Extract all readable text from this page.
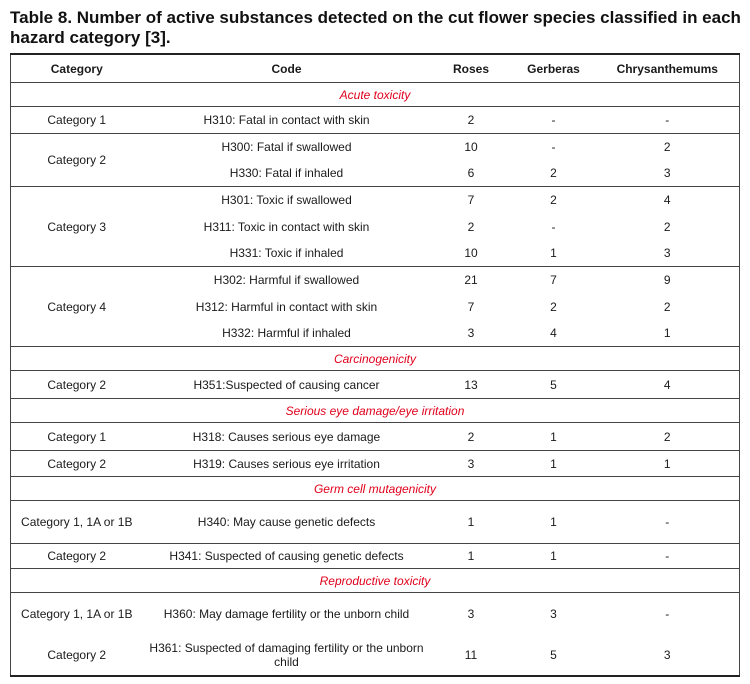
Table 8. Number of active substances detected on the cut flower species classified in each hazard category [3].
Category	Code	Roses	Gerberas	Chrysanthemums
Acute toxicity				
Category 1	H310: Fatal in contact with skin	2	-	-
Category 2	H300: Fatal if swallowed	10	-	2
	H330: Fatal if inhaled	6	2	3
Category 3	H301: Toxic if swallowed	7	2	4
	H311: Toxic in contact with skin	2	-	2
	H331: Toxic if inhaled	10	1	3
Category 4	H302: Harmful if swallowed	21	7	9
	H312: Harmful in contact with skin	7	2	2
	H332: Harmful if inhaled	3	4	1
Carcinogenicity				
Category 2	H351:Suspected of causing cancer	13	5	4
Serious eye damage/eye irritation				
Category 1	H318: Causes serious eye damage	2	1	2
Category 2	H319: Causes serious eye irritation	3	1	1
Germ cell mutagenicity				
Category 1, 1A or 1B	H340: May cause genetic defects	1	1	-
Category 2	H341: Suspected of causing genetic defects	1	1	-
Reproductive toxicity				
Category 1, 1A or 1B	H360: May damage fertility or the unborn child	3	3	-
Category 2	H361: Suspected of damaging fertility or the unborn child	11	5	3
